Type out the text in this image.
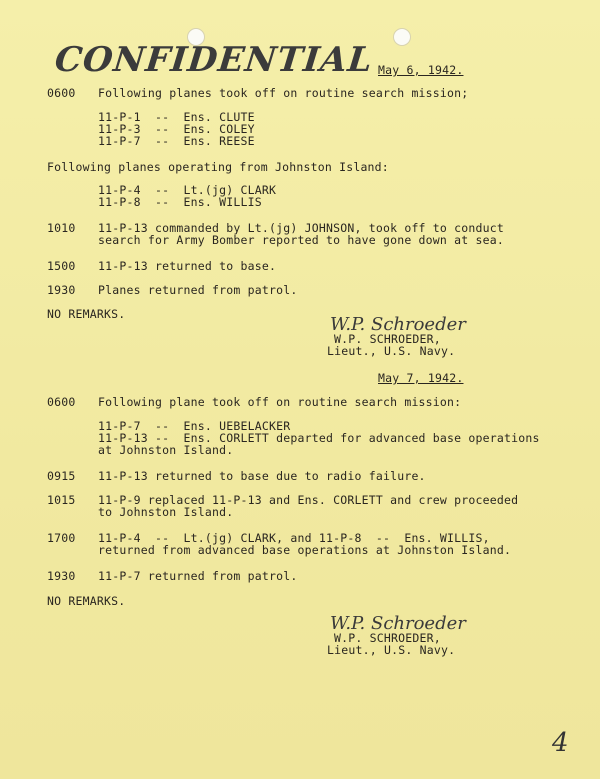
CONFIDENTIAL May 6, 1942.
0600 Following planes took off on routine search mission;
11-P-1  --  Ens. CLUTE
11-P-3  --  Ens. COLEY
11-P-7  --  Ens. REESE
Following planes operating from Johnston Island:
11-P-4  --  Lt.(jg) CLARK
11-P-8  --  Ens. WILLIS
1010 11-P-13 commanded by Lt.(jg) JOHNSON, took off to conduct
search for Army Bomber reported to have gone down at sea.
1500 11-P-13 returned to base.
1930 Planes returned from patrol.
NO REMARKS.	W.P. Schroeder
W.P. SCHROEDER,
Lieut., U.S. Navy.
May 7, 1942.
0600 Following plane took off on routine search mission:
11-P-7  --  Ens. UEBELACKER
11-P-13 --  Ens. CORLETT departed for advanced base operations
at Johnston Island.
0915 11-P-13 returned to base due to radio failure.
1015 11-P-9 replaced 11-P-13 and Ens. CORLETT and crew proceeded
to Johnston Island.
1700 11-P-4  --  Lt.(jg) CLARK, and 11-P-8  --  Ens. WILLIS,
returned from advanced base operations at Johnston Island.
1930 11-P-7 returned from patrol.
NO REMARKS.
W.P. Schroeder
W.P. SCHROEDER,
Lieut., U.S. Navy.
4
